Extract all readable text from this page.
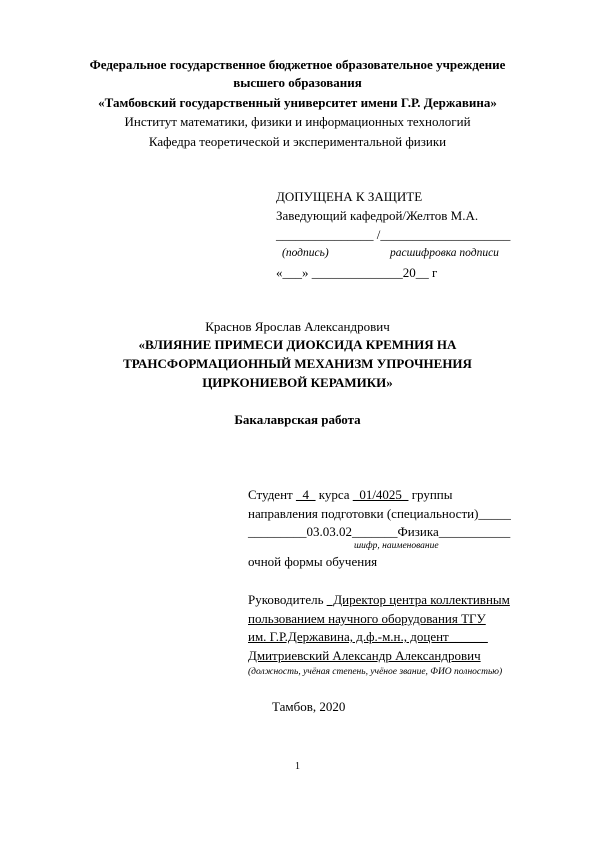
Федеральное государственное бюджетное образовательное учреждение
высшего образования
«Тамбовский государственный университет имени Г.Р. Державина»
Институт математики, физики и информационных технологий
Кафедра теоретической и экспериментальной физики
ДОПУЩЕНА К ЗАЩИТЕ
Заведующий кафедрой/Желтов М.А.
_______________ /____________________
(подпись)	расшифровка подписи
«___» ______________20__ г
Краснов Ярослав Александрович
«ВЛИЯНИЕ ПРИМЕСИ ДИОКСИДА КРЕМНИЯ НА
ТРАНСФОРМАЦИОННЫЙ МЕХАНИЗМ УПРОЧНЕНИЯ
ЦИРКОНИЕВОЙ КЕРАМИКИ»
Бакалаврская работа
Студент _4_ курса _01/4025_ группы
направления подготовки (специальности)_____
_________03.03.02_______Физика___________
шифр, наименование
очной формы обучения
Руководитель _Директор центра коллективным
пользованием научного оборудования ТГУ
им. Г.Р.Державина, д.ф.-м.н., доцент______
Дмитриевский Александр Александрович
(должность, учёная степень, учёное звание, ФИО полностью)
Тамбов, 2020
1
